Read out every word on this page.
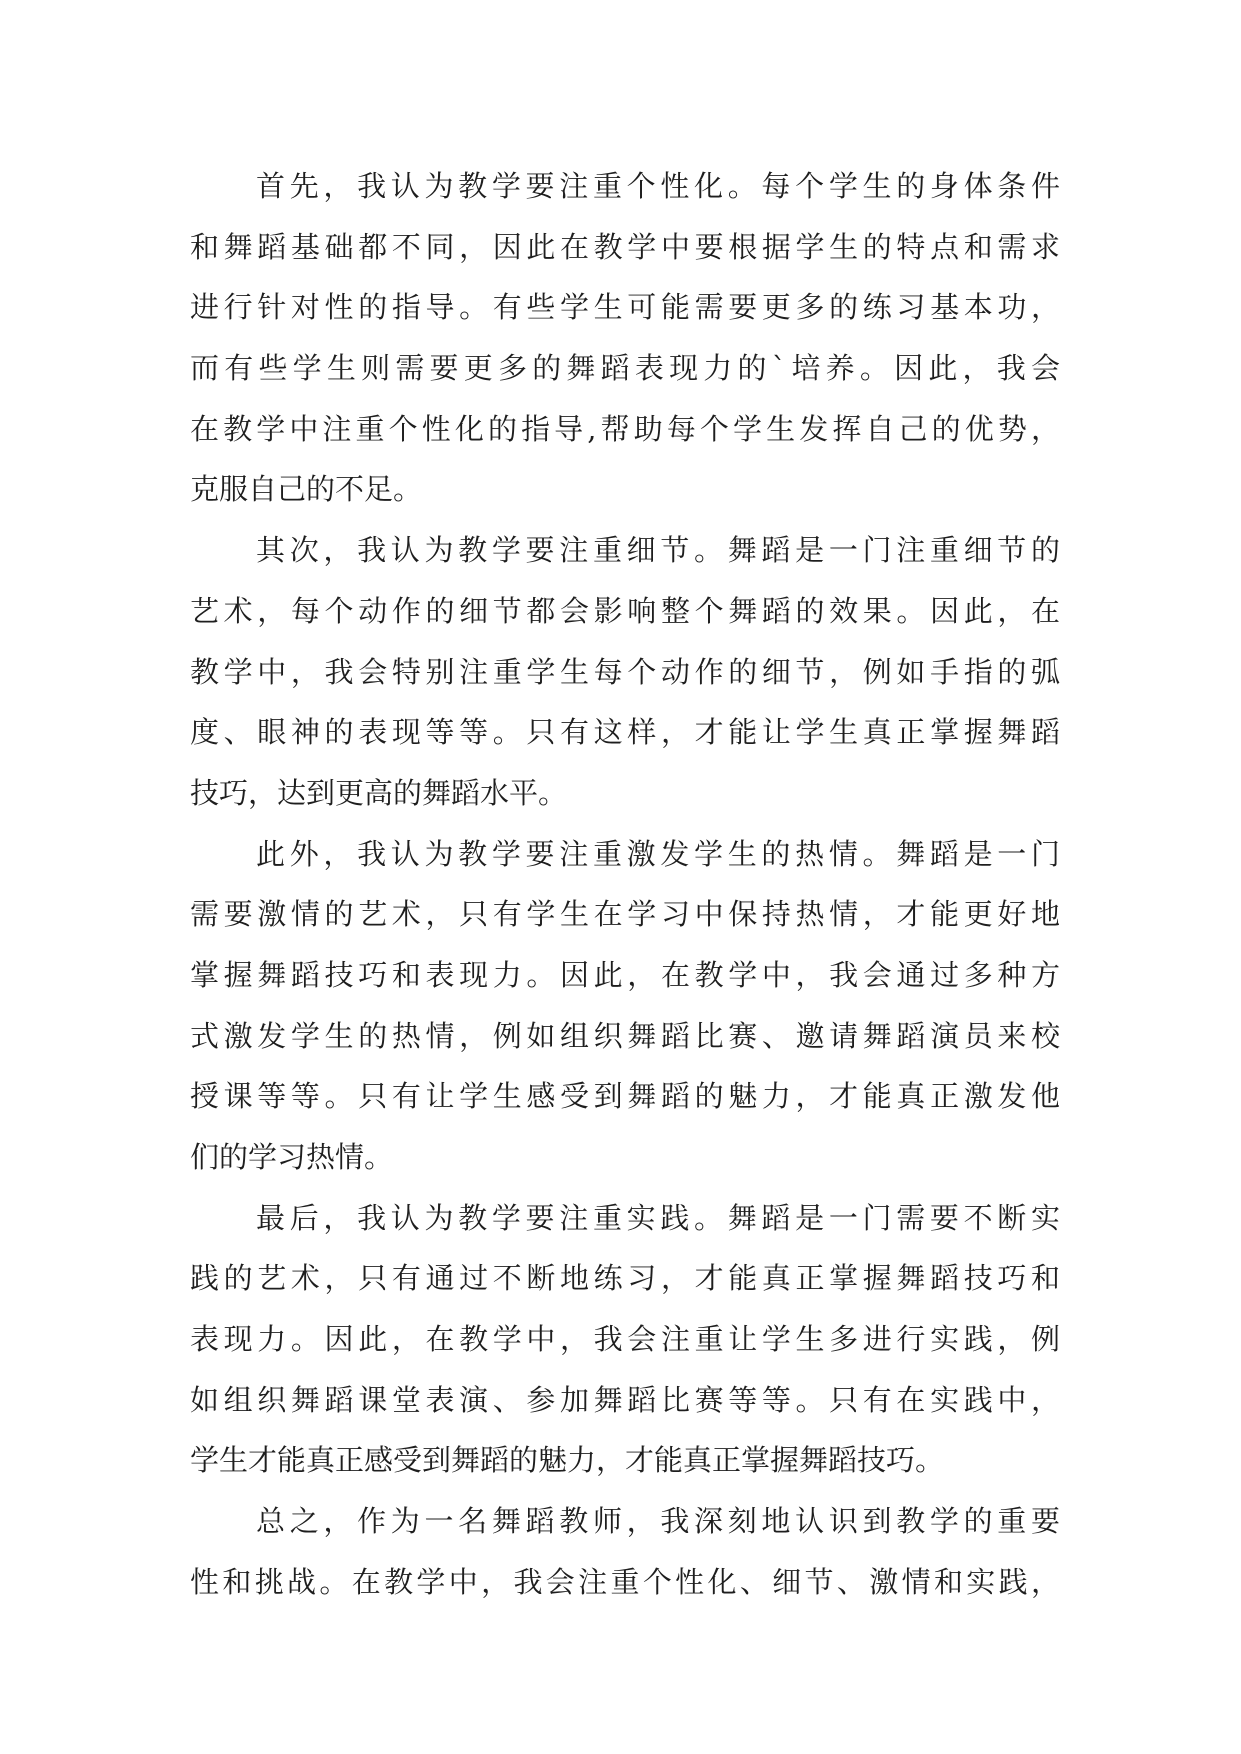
首先，我认为教学要注重个性化。每个学生的身体条件
和舞蹈基础都不同，因此在教学中要根据学生的特点和需求
进行针对性的指导。有些学生可能需要更多的练习基本功，
而有些学生则需要更多的舞蹈表现力的`培养。因此，我会
在教学中注重个性化的指导,帮助每个学生发挥自己的优势，
克服自己的不足。
其次，我认为教学要注重细节。舞蹈是一门注重细节的
艺术，每个动作的细节都会影响整个舞蹈的效果。因此，在
教学中，我会特别注重学生每个动作的细节，例如手指的弧
度、眼神的表现等等。只有这样，才能让学生真正掌握舞蹈
技巧，达到更高的舞蹈水平。
此外，我认为教学要注重激发学生的热情。舞蹈是一门
需要激情的艺术，只有学生在学习中保持热情，才能更好地
掌握舞蹈技巧和表现力。因此，在教学中，我会通过多种方
式激发学生的热情，例如组织舞蹈比赛、邀请舞蹈演员来校
授课等等。只有让学生感受到舞蹈的魅力，才能真正激发他
们的学习热情。
最后，我认为教学要注重实践。舞蹈是一门需要不断实
践的艺术，只有通过不断地练习，才能真正掌握舞蹈技巧和
表现力。因此，在教学中，我会注重让学生多进行实践，例
如组织舞蹈课堂表演、参加舞蹈比赛等等。只有在实践中，
学生才能真正感受到舞蹈的魅力，才能真正掌握舞蹈技巧。
总之，作为一名舞蹈教师，我深刻地认识到教学的重要
性和挑战。在教学中，我会注重个性化、细节、激情和实践，
